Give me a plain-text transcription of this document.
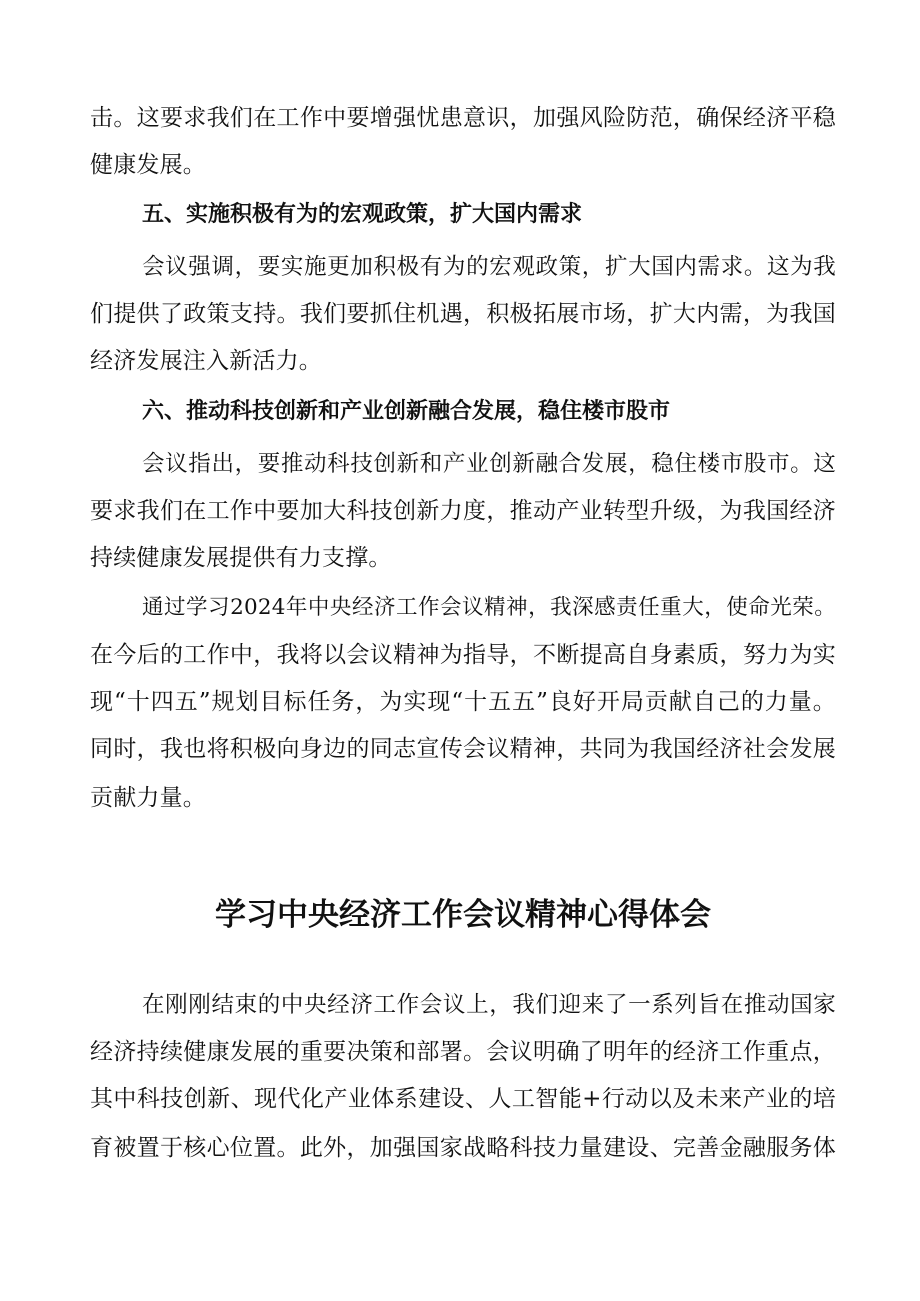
击。这要求我们在工作中要增强忧患意识，加强风险防范，确保经济平稳

健康发展。

五、实施积极有为的宏观政策，扩大国内需求

会议强调，要实施更加积极有为的宏观政策，扩大国内需求。这为我

们提供了政策支持。我们要抓住机遇，积极拓展市场，扩大内需，为我国

经济发展注入新活力。

六、推动科技创新和产业创新融合发展，稳住楼市股市

会议指出，要推动科技创新和产业创新融合发展，稳住楼市股市。这

要求我们在工作中要加大科技创新力度，推动产业转型升级，为我国经济

持续健康发展提供有力支撑。

通过学习2024年中央经济工作会议精神，我深感责任重大，使命光荣。

在今后的工作中，我将以会议精神为指导，不断提高自身素质，努力为实

现“十四五”规划目标任务，为实现“十五五”良好开局贡献自己的力量。

同时，我也将积极向身边的同志宣传会议精神，共同为我国经济社会发展

贡献力量。

学习中央经济工作会议精神心得体会

在刚刚结束的中央经济工作会议上，我们迎来了一系列旨在推动国家

经济持续健康发展的重要决策和部署。会议明确了明年的经济工作重点，

其中科技创新、现代化产业体系建设、人工智能+行动以及未来产业的培

育被置于核心位置。此外，加强国家战略科技力量建设、完善金融服务体
